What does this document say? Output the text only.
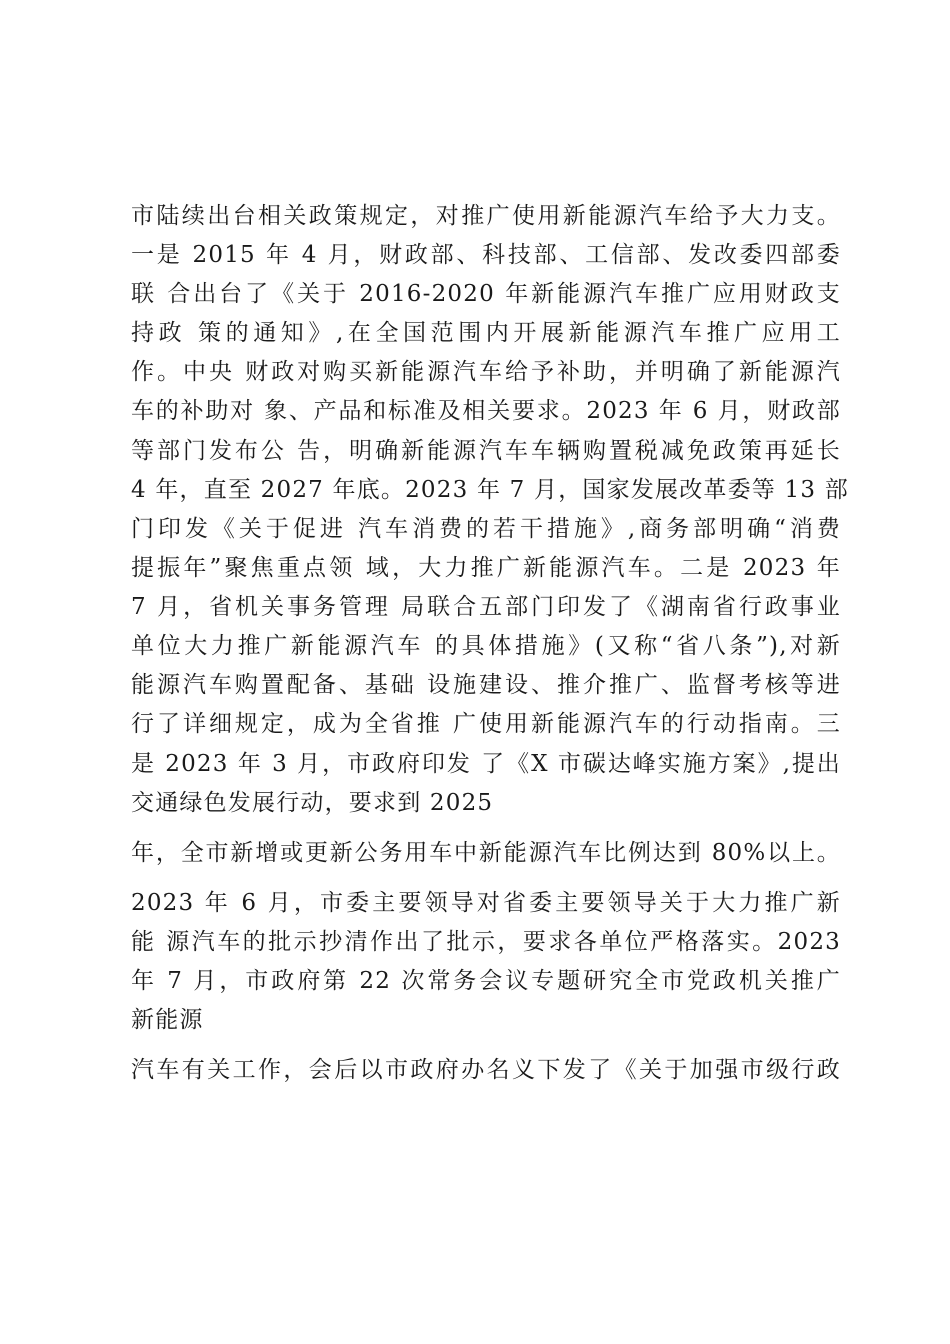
市陆续出台相关政策规定，对推广使用新能源汽车给予大力支。
一是 2015 年 4 月，财政部、科技部、工信部、发改委四部委
联 合出台了《关于 2016-2020 年新能源汽车推广应用财政支
持政 策的通知》,在全国范围内开展新能源汽车推广应用工
作。中央 财政对购买新能源汽车给予补助，并明确了新能源汽
车的补助对 象、产品和标准及相关要求。2023 年 6 月，财政部
等部门发布公 告，明确新能源汽车车辆购置税减免政策再延长
4 年，直至 2027 年底。2023 年 7 月，国家发展改革委等 13 部
门印发《关于促进 汽车消费的若干措施》,商务部明确“消费
提振年”聚焦重点领 域，大力推广新能源汽车。二是 2023 年
7 月，省机关事务管理 局联合五部门印发了《湖南省行政事业
单位大力推广新能源汽车 的具体措施》(又称“省八条”),对新
能源汽车购置配备、基础 设施建设、推介推广、监督考核等进
行了详细规定，成为全省推 广使用新能源汽车的行动指南。三
是 2023 年 3 月，市政府印发 了《X 市碳达峰实施方案》,提出
交通绿色发展行动，要求到 2025
年，全市新增或更新公务用车中新能源汽车比例达到 80%以上。
2023 年 6 月，市委主要领导对省委主要领导关于大力推广新
能 源汽车的批示抄清作出了批示，要求各单位严格落实。2023
年 7 月，市政府第 22 次常务会议专题研究全市党政机关推广
新能源
汽车有关工作，会后以市政府办名义下发了《关于加强市级行政
